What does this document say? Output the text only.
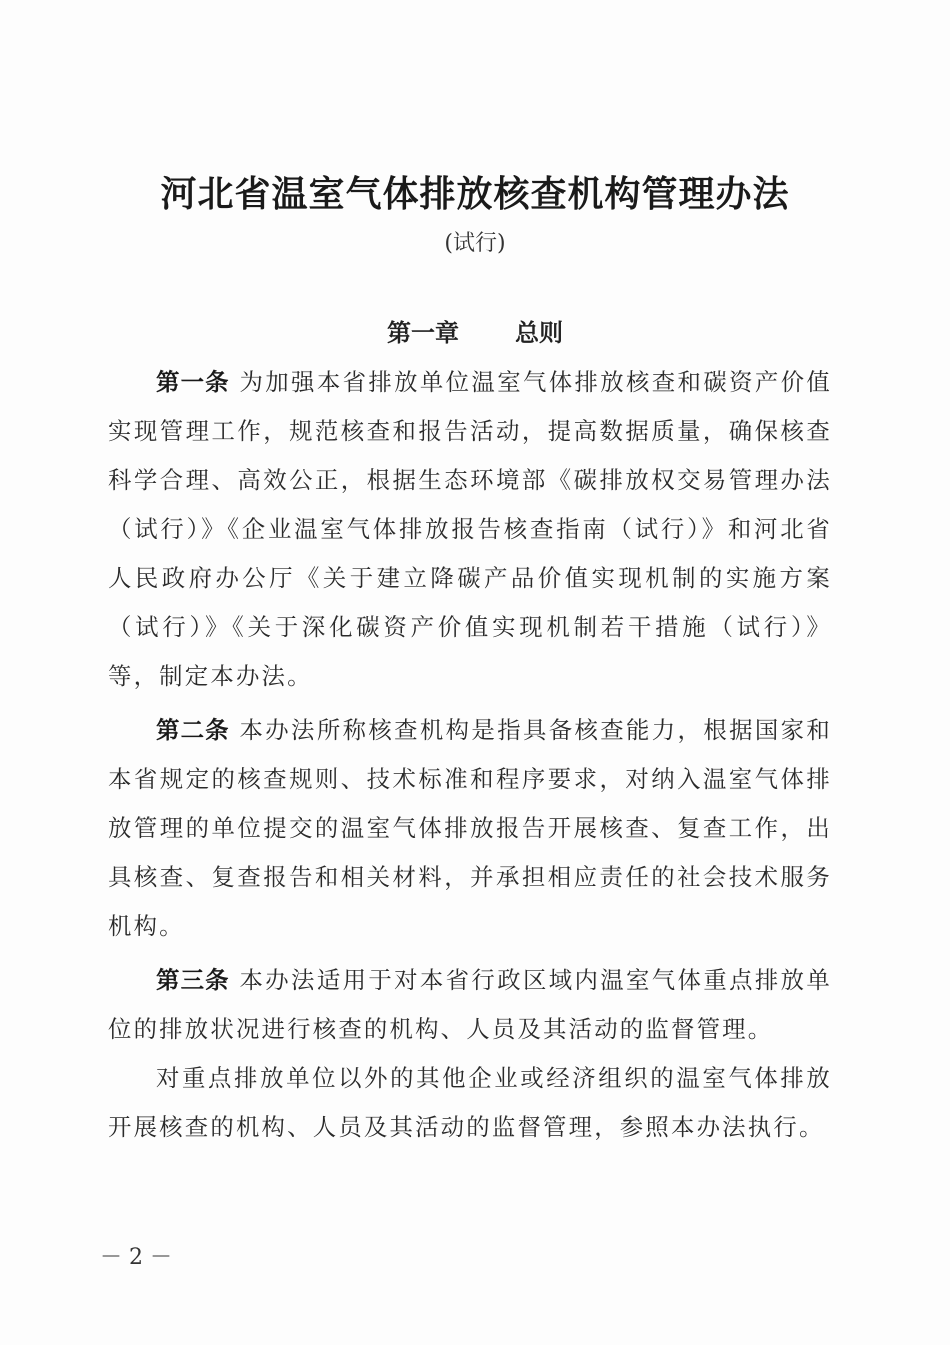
河北省温室气体排放核查机构管理办法
(试行)
第一章 总则

第一条 为加强本省排放单位温室气体排放核查和碳资产价值实现管理工作，规范核查和报告活动，提高数据质量，确保核查科学合理、高效公正，根据生态环境部《碳排放权交易管理办法（试行）》《企业温室气体排放报告核查指南（试行）》和河北省人民政府办公厅《关于建立降碳产品价值实现机制的实施方案（试行）》《关于深化碳资产价值实现机制若干措施（试行）》等，制定本办法。

第二条 本办法所称核查机构是指具备核查能力，根据国家和本省规定的核查规则、技术标准和程序要求，对纳入温室气体排放管理的单位提交的温室气体排放报告开展核查、复查工作，出具核查、复查报告和相关材料，并承担相应责任的社会技术服务机构。

第三条 本办法适用于对本省行政区域内温室气体重点排放单位的排放状况进行核查的机构、人员及其活动的监督管理。

对重点排放单位以外的其他企业或经济组织的温室气体排放开展核查的机构、人员及其活动的监督管理，参照本办法执行。

－ 2 －
